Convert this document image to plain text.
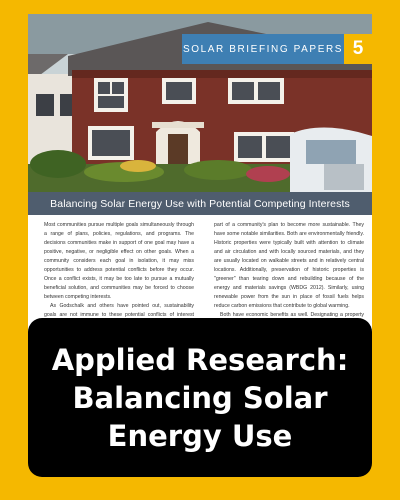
SOLAR BRIEFING PAPERS 5
Balancing Solar Energy Use with Potential Competing Interests

Most communities pursue multiple goals simultaneously through a range of plans, policies, regulations, and programs. The decisions communities make in support of one goal may have a positive, negative, or negligible effect on other goals. When a community considers each goal in isolation, it may miss opportunities to address potential conflicts before they occur. Once a conflict exists, it may be too late to pursue a mutually beneficial solution, and communities may be forced to choose between competing interests.

As Godschalk and others have pointed out, sustainability goals are not immune to these potential conflicts of interest

part of a community's plan to become more sustainable. They have some notable similarities. Both are environmentally friendly. Historic properties were typically built with attention to climate and air circulation and with locally sourced materials, and they are usually located on walkable streets and in relatively central locations. Additionally, preservation of historic properties is "greener" than tearing down and rebuilding because of the energy and materials savings (WBDG 2012). Similarly, using renewable power from the sun in place of fossil fuels helps reduce carbon emissions that contribute to global warming.

Both have economic benefits as well. Designating a property

Applied Research:
Balancing Solar
Energy Use
